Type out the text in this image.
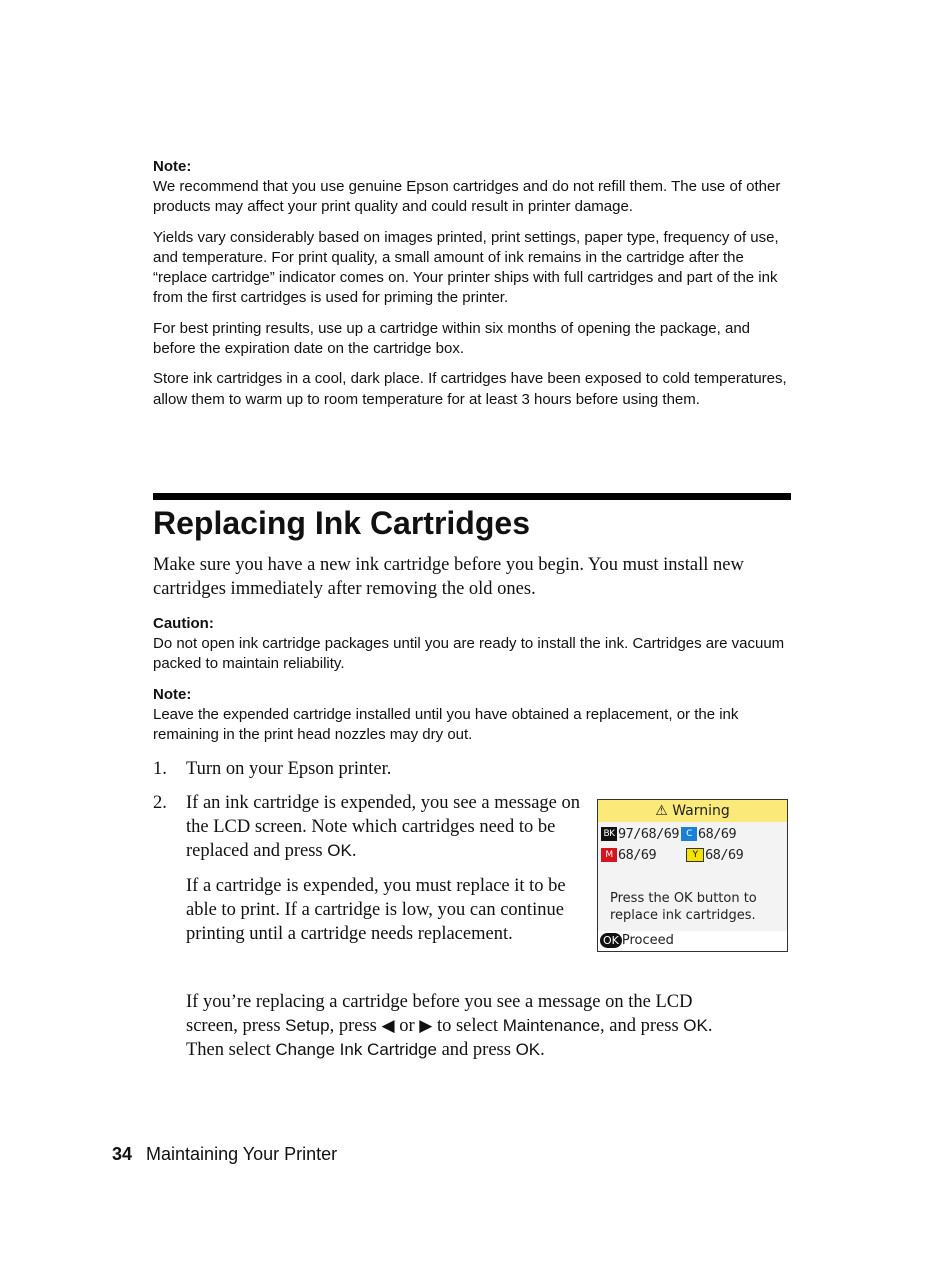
Note:

We recommend that you use genuine Epson cartridges and do not refill them. The use of other products may affect your print quality and could result in printer damage.

Yields vary considerably based on images printed, print settings, paper type, frequency of use, and temperature. For print quality, a small amount of ink remains in the cartridge after the “replace cartridge” indicator comes on. Your printer ships with full cartridges and part of the ink from the first cartridges is used for priming the printer.

For best printing results, use up a cartridge within six months of opening the package, and before the expiration date on the cartridge box.

Store ink cartridges in a cool, dark place. If cartridges have been exposed to cold temperatures, allow them to warm up to room temperature for at least 3 hours before using them.

Replacing Ink Cartridges

Make sure you have a new ink cartridge before you begin. You must install new cartridges immediately after removing the old ones.

Caution:

Do not open ink cartridge packages until you are ready to install the ink. Cartridges are vacuum packed to maintain reliability.

Note:

Leave the expended cartridge installed until you have obtained a replacement, or the ink remaining in the print head nozzles may dry out.

1.	Turn on your Epson printer.
2.	If an ink cartridge is expended, you see a message on the LCD screen. Note which cartridges need to be replaced and press OK.

If a cartridge is expended, you must replace it to be able to print. If a cartridge is low, you can continue printing until a cartridge needs replacement.

If you’re replacing a cartridge before you see a message on the LCD screen, press Setup, press ◀ or ▶ to select Maintenance, and press OK. Then select Change Ink Cartridge and press OK.

⚠ Warning
BK 97/68/69 C 68/69
M 68/69	Y 68/69
Press the OK button to
replace ink cartridges.
OK Proceed
34 Maintaining Your Printer
